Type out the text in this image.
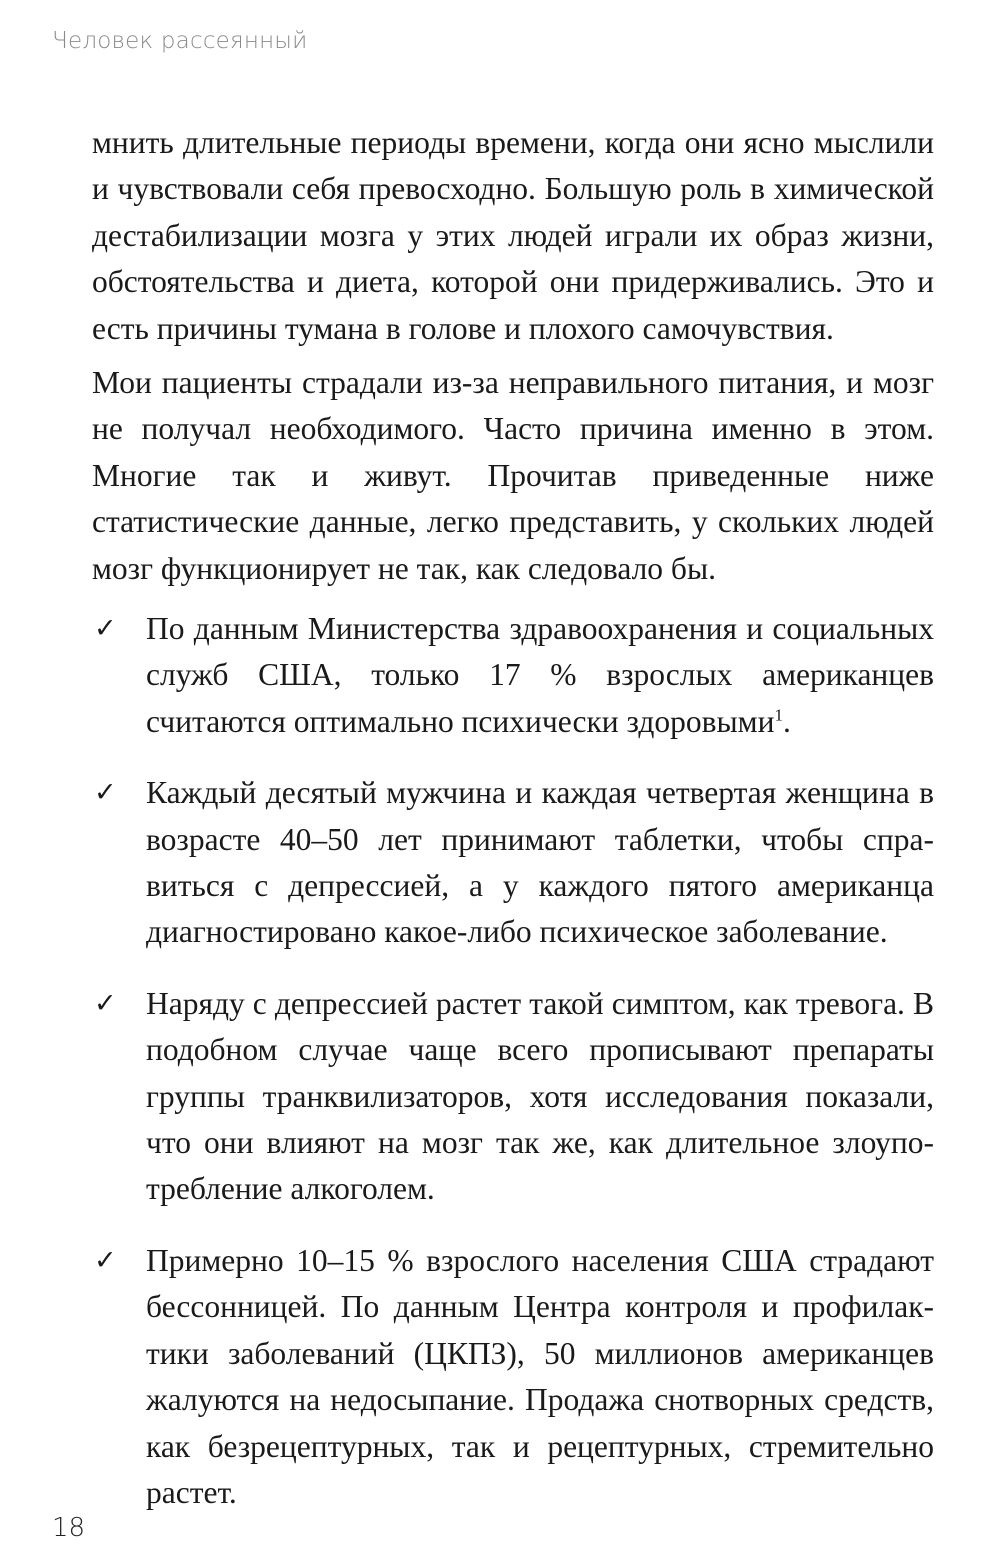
Человек рассеянный

мнить длительные периоды времени, когда они ясно мыслили и чувствовали себя превосходно. Большую роль в химической дестабилизации мозга у этих людей играли их образ жизни, обстоятельства и диета, которой они придерживались. Это и есть причины тумана в голове и плохого самочувствия.

Мои пациенты страдали из-за неправильного питания, и мозг не получал необходимого. Часто причина именно в этом. Многие так и живут. Прочитав приведенные ниже статистические данные, легко представить, у скольких людей мозг функционирует не так, как следовало бы.

✓ По данным Министерства здравоохранения и социальных служб США, только 17 % взрослых американцев считаются оптимально психически здоровыми$^1$.
✓ Каждый десятый мужчина и каждая четвертая женщина в возрасте 40–50 лет принимают таблетки, чтобы справиться с депрессией, а у каждого пятого американца диагностировано какое-либо психическое заболевание.
✓ Наряду с депрессией растет такой симптом, как тревога. В подобном случае чаще всего прописывают препараты группы транквилизаторов, хотя исследования показали, что они влияют на мозг так же, как длительное злоупотребление алкоголем.
✓ Примерно 10–15 % взрослого населения США страдают бессонницей. По данным Центра контроля и профилактики заболеваний (ЦКПЗ), 50 миллионов американцев жалуются на недосыпание. Продажа снотворных средств, как безрецептурных, так и рецептурных, стремительно растет.
18
